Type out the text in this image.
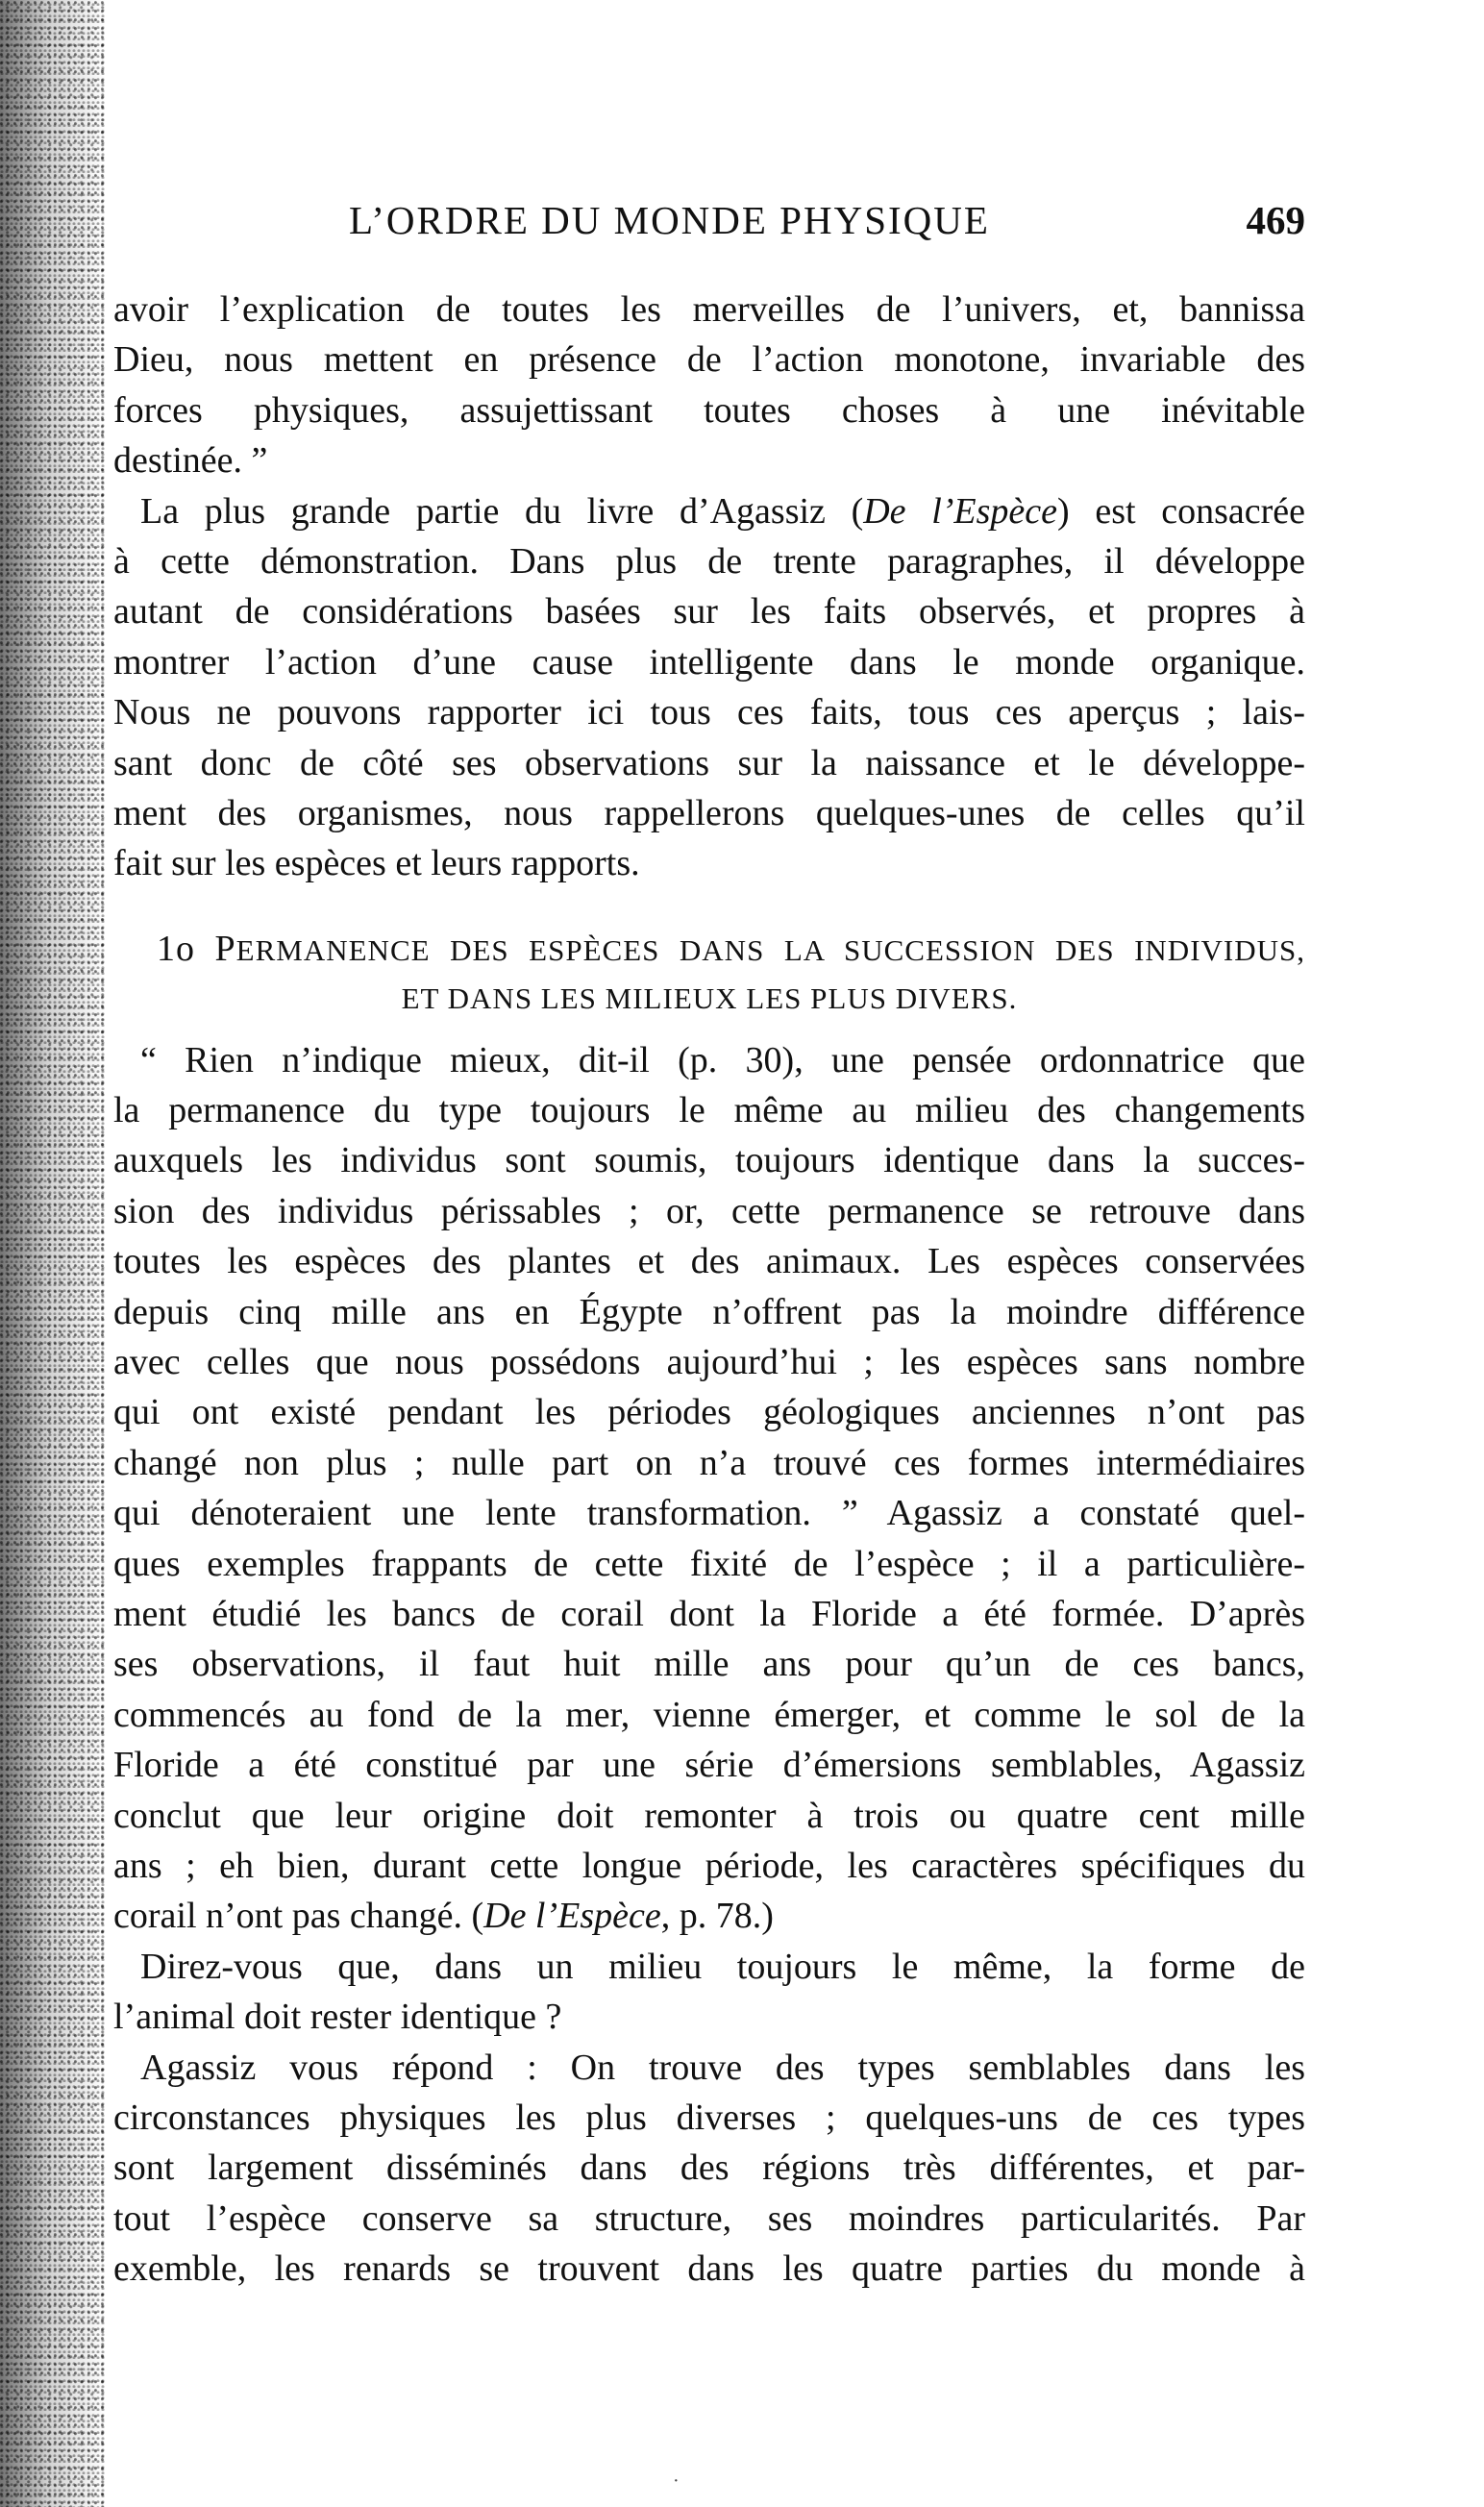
L’ORDRE DU MONDE PHYSIQUE	469
avoir l’explication de toutes les merveilles de l’univers, et, bannissa
Dieu, nous mettent en présence de l’action monotone, invariable des
forces physiques, assujettissant toutes choses à une inévitable
destinée. ”
La plus grande partie du livre d’Agassiz (De l’Espèce) est consacrée
à cette démonstration. Dans plus de trente paragraphes, il développe
autant de considérations basées sur les faits observés, et propres à
montrer l’action d’une cause intelligente dans le monde organique.
Nous ne pouvons rapporter ici tous ces faits, tous ces aperçus ; lais-
sant donc de côté ses observations sur la naissance et le développe-
ment des organismes, nous rappellerons quelques-unes de celles qu’il
fait sur les espèces et leurs rapports.
1o PERMANENCE DES ESPÈCES DANS LA SUCCESSION DES INDIVIDUS,
ET DANS LES MILIEUX LES PLUS DIVERS.
“ Rien n’indique mieux, dit-il (p. 30), une pensée ordonnatrice que
la permanence du type toujours le même au milieu des changements
auxquels les individus sont soumis, toujours identique dans la succes-
sion des individus périssables ; or, cette permanence se retrouve dans
toutes les espèces des plantes et des animaux. Les espèces conservées
depuis cinq mille ans en Égypte n’offrent pas la moindre différence
avec celles que nous possédons aujourd’hui ; les espèces sans nombre
qui ont existé pendant les périodes géologiques anciennes n’ont pas
changé non plus ; nulle part on n’a trouvé ces formes intermédiaires
qui dénoteraient une lente transformation. ” Agassiz a constaté quel-
ques exemples frappants de cette fixité de l’espèce ; il a particulière-
ment étudié les bancs de corail dont la Floride a été formée. D’après
ses observations, il faut huit mille ans pour qu’un de ces bancs,
commencés au fond de la mer, vienne émerger, et comme le sol de la
Floride a été constitué par une série d’émersions semblables, Agassiz
conclut que leur origine doit remonter à trois ou quatre cent mille
ans ; eh bien, durant cette longue période, les caractères spécifiques du
corail n’ont pas changé. (De l’Espèce, p. 78.)
Direz-vous que, dans un milieu toujours le même, la forme de
l’animal doit rester identique ?
Agassiz vous répond : On trouve des types semblables dans les
circonstances physiques les plus diverses ; quelques-uns de ces types
sont largement disséminés dans des régions très différentes, et par-
tout l’espèce conserve sa structure, ses moindres particularités. Par
exemble, les renards se trouvent dans les quatre parties du monde à
·
